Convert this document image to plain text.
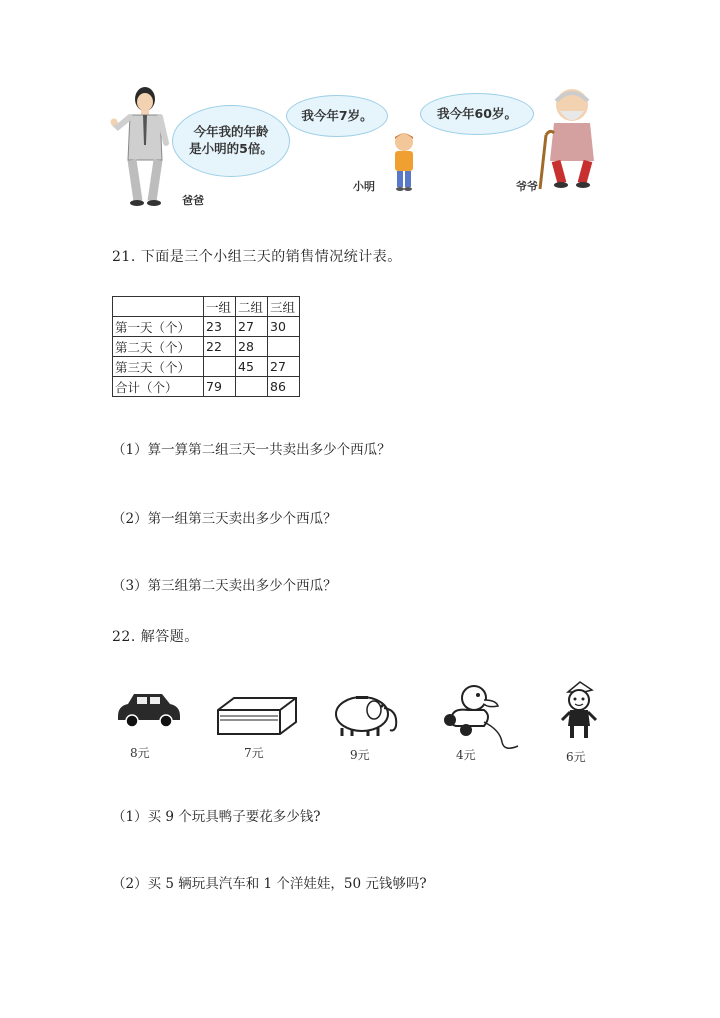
爸爸
今年我的年龄是小明的5倍。
我今年7岁。
小明
我今年60岁。
爷爷
21. 下面是三个小组三天的销售情况统计表。
	一组	二组	三组
第一天（个）	23	27	30
第二天（个）	22	28	
第三天（个）		45	27
合计（个）	79		86
（1）算一算第二组三天一共卖出多少个西瓜？
（2）第一组第三天卖出多少个西瓜？
（3）第三组第二天卖出多少个西瓜？
22. 解答题。
8元	7元	9元	4元	6元
（1）买 9 个玩具鸭子要花多少钱?
（2）买 5 辆玩具汽车和 1 个洋娃娃，50 元钱够吗?
